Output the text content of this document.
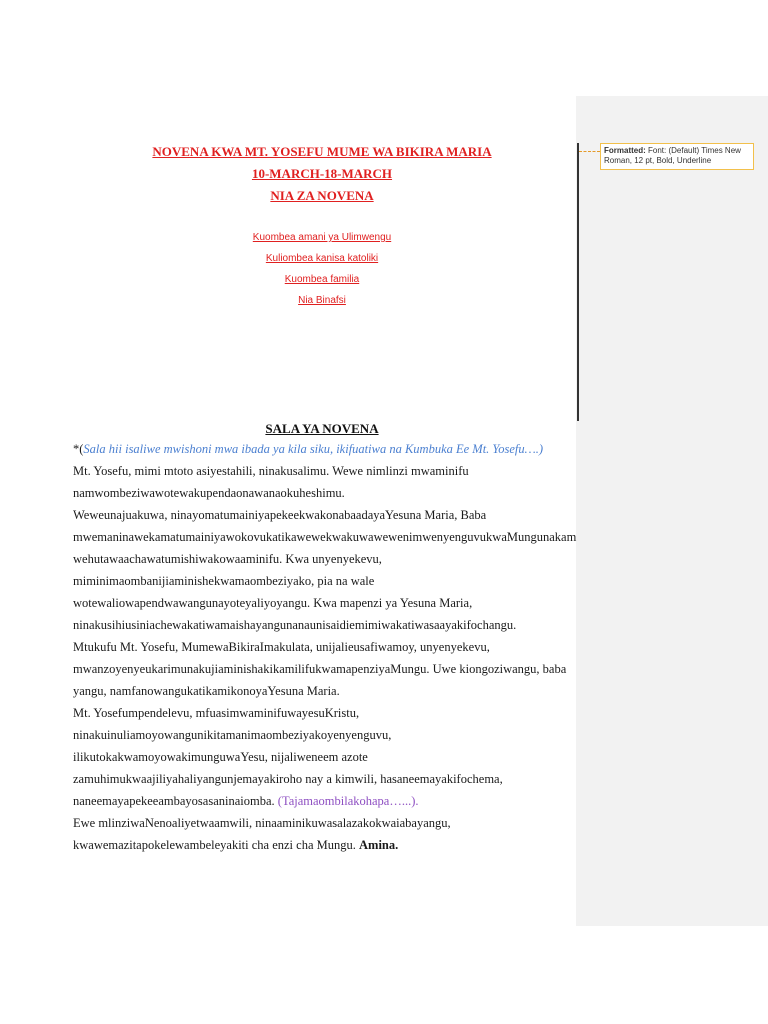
Formatted: Font: (Default) Times New Roman, 12 pt, Bold, Underline
NOVENA KWA MT. YOSEFU MUME WA BIKIRA MARIA
10-MARCH-18-MARCH
NIA ZA NOVENA
Kuombea amani ya Ulimwengu
Kuliombea kanisa katoliki
Kuombea familia
Nia Binafsi
SALA YA NOVENA
*(Sala hii isaliwe mwishoni mwa ibada ya kila siku, ikifuatiwa na Kumbuka Ee Mt. Yosefu….)
Mt. Yosefu, mimi mtoto asiyestahili, ninakusalimu. Wewe nimlinzi mwaminifu
namwombeziwawotewakupendaonawanaokuheshimu.
Weweunajuakuwa, ninayomatumainiyapekeekwakonabaadayaYesuna Maria, Baba
mwemaninawekamatumainiyawokovukatikawewekwakuwawewenimwenyenguvukwaMungunakam
wehutawaachawatumishiwakowaaminifu. Kwa unyenyekevu,
miminimaombanijiaminishekwamaombeziyako, pia na wale
wotewaliowapendwawangunayoteyaliyoyangu. Kwa mapenzi ya Yesuna Maria,
ninakusihiusiniachewakatiwamaishayangunanaunisaidiemimiwakatiwasaayakifochangu.
Mtukufu Mt. Yosefu, MumewaBikiraImakulata, unijalieusafiwamoy, unyenyekevu,
mwanzoyenyeukarimunakujiaminishakikamilifukwamapenziyaMungu. Uwe kiongoziwangu, baba
yangu, namfanowangukatikamikonoyaYesuna Maria.
Mt. Yosefumpendelevu, mfuasimwaminifuwayesuKristu,
ninakuinuliamoyowangunikitamanimaombeziyakoyenyenguvu,
ilikutokakwamoyowakimunguwaYesu, nijaliweneem azote
zamuhimukwaajiliyahaliyangunjemayakiroho nay a kimwili, hasaneemayakifochema,
naneemayapekeeambayosasaninaiomba. (Tajamaombilakohapa…...).
Ewe mlinziwaNenoaliyetwaamwili, ninaaminikuwasalazakokwaiabayangu,
kwawemazitapokelewambeleyakiti cha enzi cha Mungu. Amina.
